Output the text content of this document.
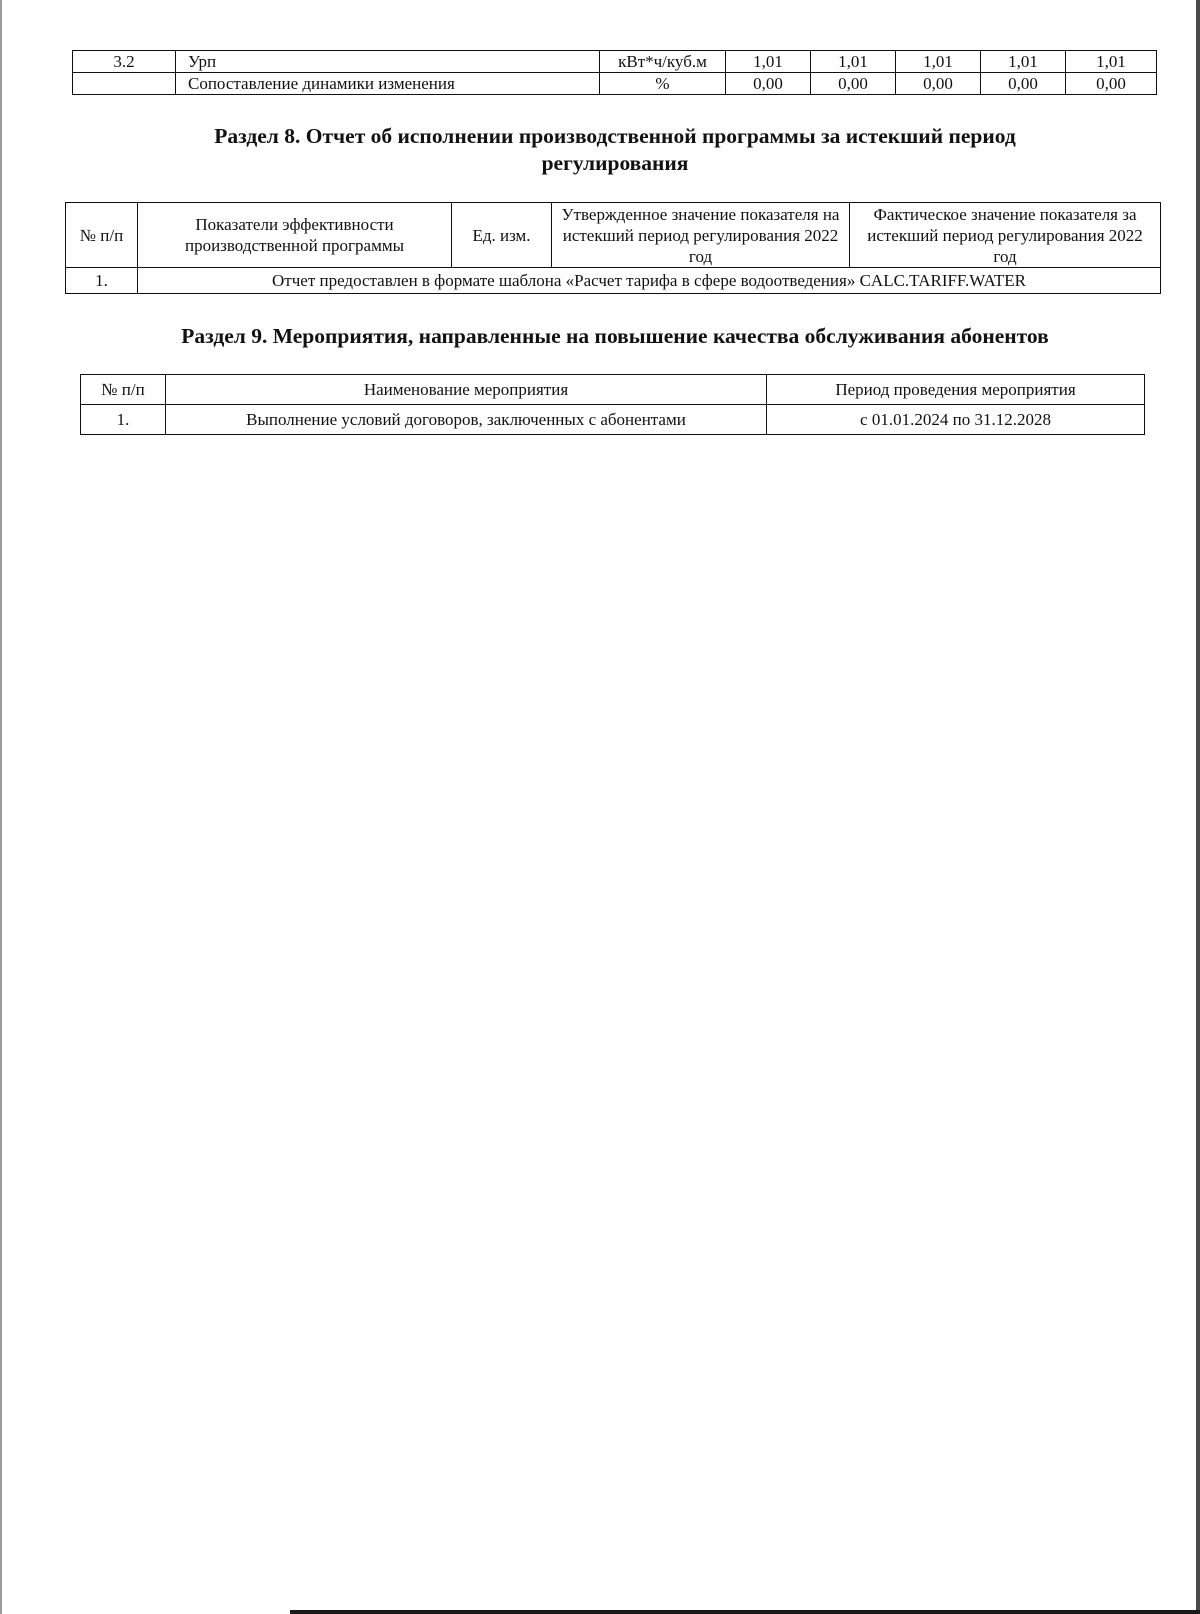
3.2	Урп	кВт*ч/куб.м	1,01	1,01	1,01	1,01	1,01
	Сопоставление динамики изменения	%	0,00	0,00	0,00	0,00	0,00
Раздел 8. Отчет об исполнении производственной программы за истекший период
регулирования
№ п/п	Показатели эффективности производственной программы	Ед. изм.	Утвержденное значение показателя на истекший период регулирования 2022 год	Фактическое значение показателя за истекший период регулирования 2022 год
1.	Отчет предоставлен в формате шаблона «Расчет тарифа в сфере водоотведения» CALC.TARIFF.WATER			
Раздел 9. Мероприятия, направленные на повышение качества обслуживания абонентов
№ п/п	Наименование мероприятия	Период проведения мероприятия
1.	Выполнение условий договоров, заключенных с абонентами	с 01.01.2024 по 31.12.2028
